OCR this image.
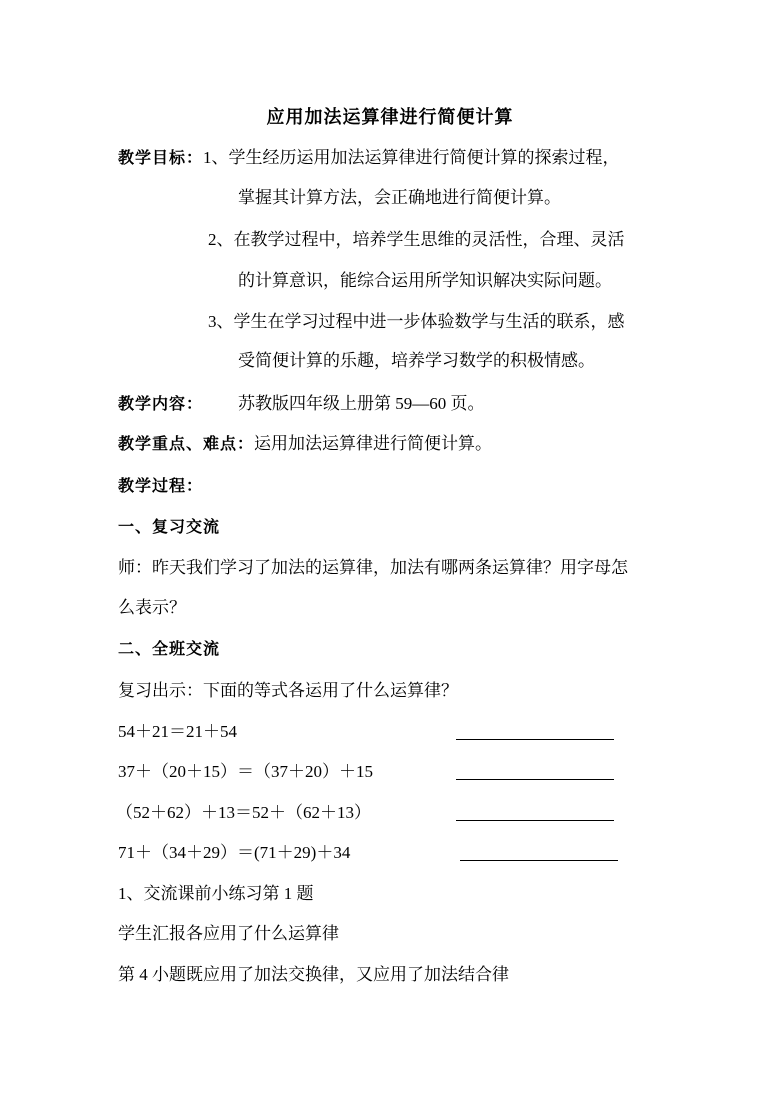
应用加法运算律进行简便计算
教学目标：1、学生经历运用加法运算律进行简便计算的探索过程，
掌握其计算方法，会正确地进行简便计算。
2、在教学过程中，培养学生思维的灵活性，合理、灵活
的计算意识，能综合运用所学知识解决实际问题。
3、学生在学习过程中进一步体验数学与生活的联系，感
受简便计算的乐趣，培养学习数学的积极情感。
教学内容： 苏教版四年级上册第 59—60 页。
教学重点、难点：运用加法运算律进行简便计算。
教学过程：
一、复习交流
师：昨天我们学习了加法的运算律，加法有哪两条运算律？用字母怎
么表示？
二、全班交流
复习出示：下面的等式各运用了什么运算律？
54＋21＝21＋54
37＋（20＋15）＝（37＋20）＋15
（52＋62）＋13＝52＋（62＋13）
71＋（34＋29）＝(71＋29)＋34
1、交流课前小练习第 1 题
学生汇报各应用了什么运算律
第 4 小题既应用了加法交换律，又应用了加法结合律
